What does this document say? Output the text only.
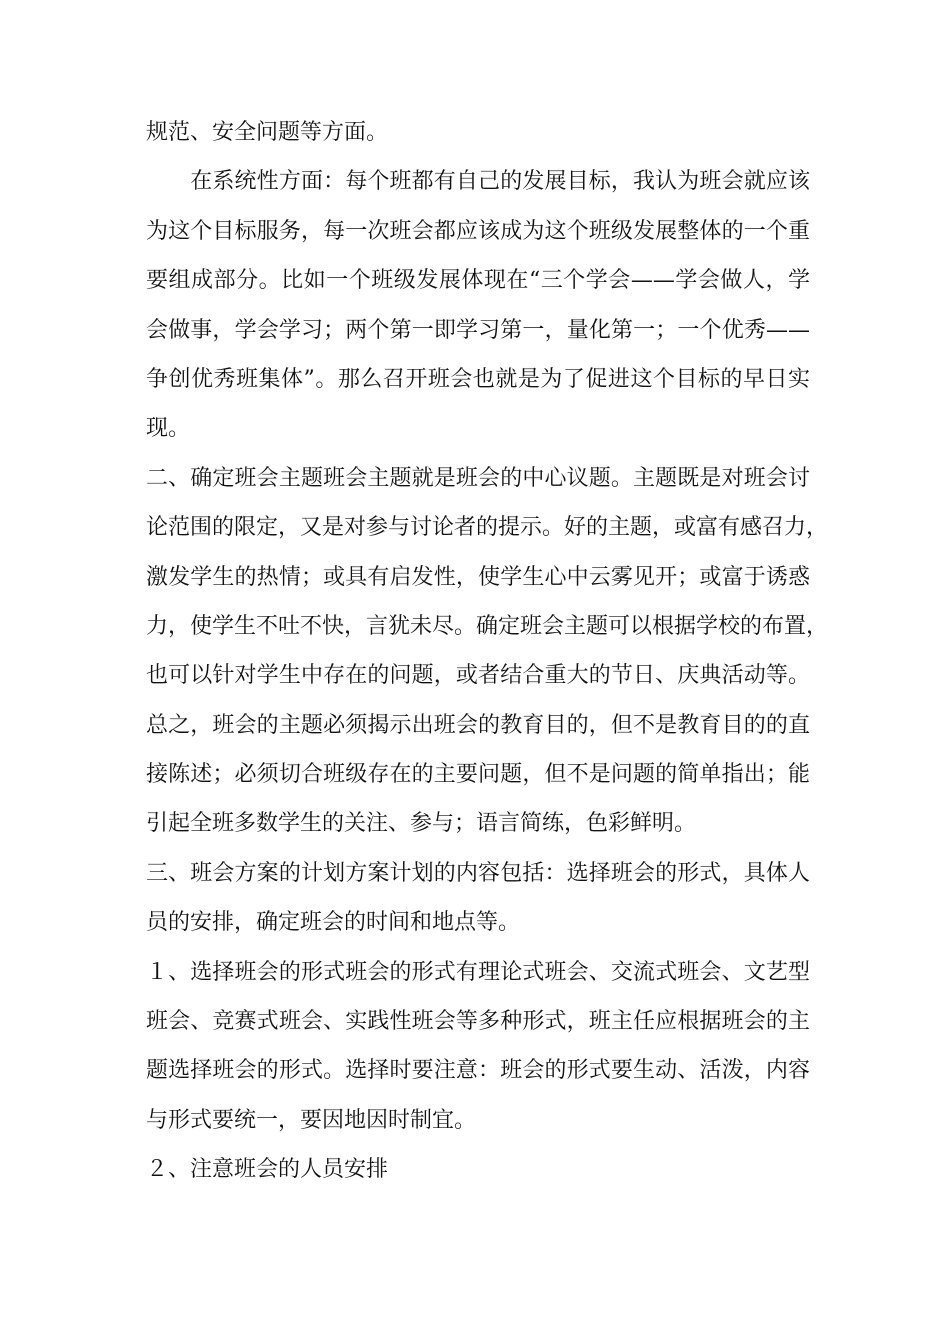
规范、安全问题等方面。
　　在系统性方面：每个班都有自己的发展目标，我认为班会就应该
为这个目标服务，每一次班会都应该成为这个班级发展整体的一个重
要组成部分。比如一个班级发展体现在“三个学会——学会做人，学
会做事，学会学习；两个第一即学习第一，量化第一；一个优秀——
争创优秀班集体”。那么召开班会也就是为了促进这个目标的早日实
现。
二、确定班会主题班会主题就是班会的中心议题。主题既是对班会讨
论范围的限定，又是对参与讨论者的提示。好的主题，或富有感召力，
激发学生的热情；或具有启发性，使学生心中云雾见开；或富于诱惑
力，使学生不吐不快，言犹未尽。确定班会主题可以根据学校的布置，
也可以针对学生中存在的问题，或者结合重大的节日、庆典活动等。
总之，班会的主题必须揭示出班会的教育目的，但不是教育目的的直
接陈述；必须切合班级存在的主要问题，但不是问题的简单指出；能
引起全班多数学生的关注、参与；语言简练，色彩鲜明。
三、班会方案的计划方案计划的内容包括：选择班会的形式，具体人
员的安排，确定班会的时间和地点等。
１、选择班会的形式班会的形式有理论式班会、交流式班会、文艺型
班会、竞赛式班会、实践性班会等多种形式，班主任应根据班会的主
题选择班会的形式。选择时要注意：班会的形式要生动、活泼，内容
与形式要统一，要因地因时制宜。
２、注意班会的人员安排
